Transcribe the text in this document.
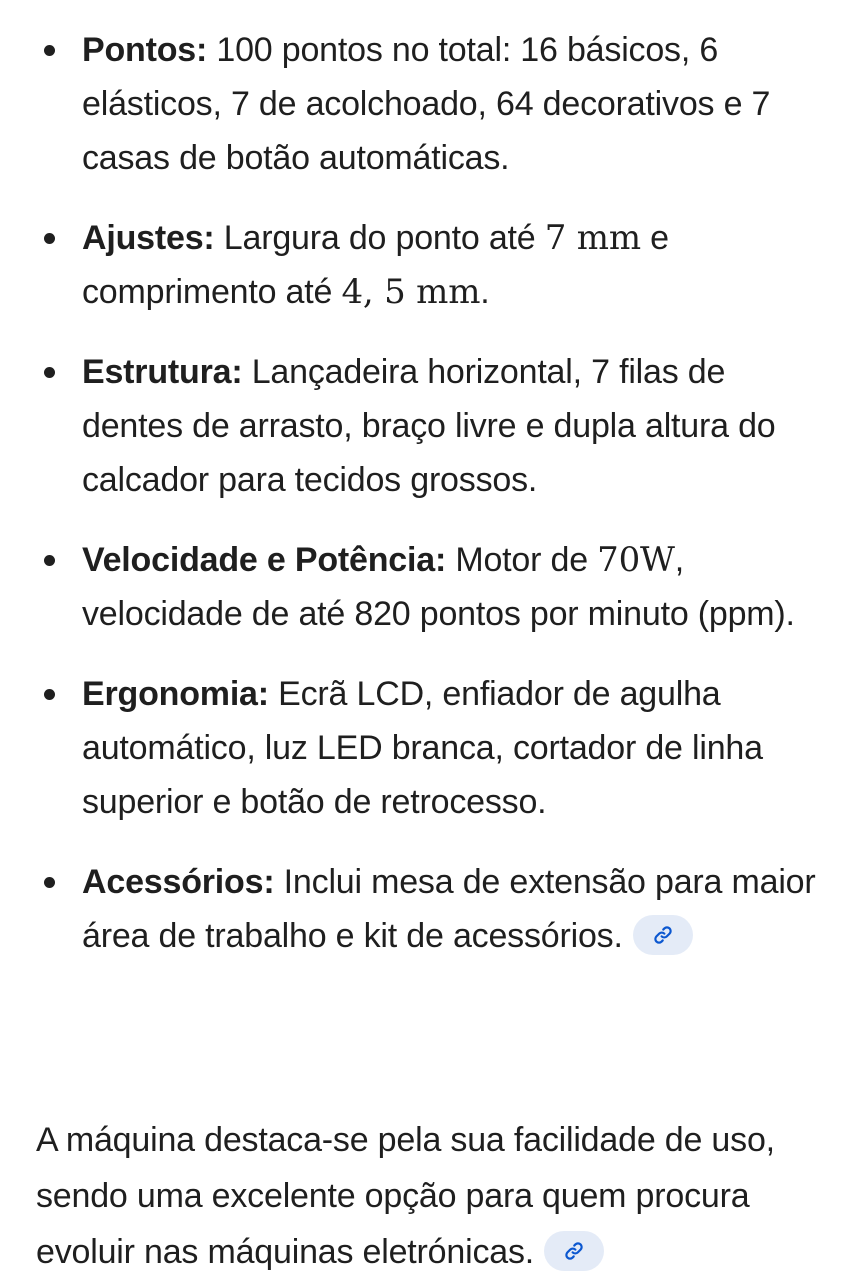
Pontos: 100 pontos no total: 16 básicos, 6 elásticos, 7 de acolchoado, 64 decorativos e 7 casas de botão automáticas.
Ajustes: Largura do ponto até 7 mm e comprimento até 4, 5 mm.
Estrutura: Lançadeira horizontal, 7 filas de dentes de arrasto, braço livre e dupla altura do calcador para tecidos grossos.
Velocidade e Potência: Motor de 70W, velocidade de até 820 pontos por minuto (ppm).
Ergonomia: Ecrã LCD, enfiador de agulha automático, luz LED branca, cortador de linha superior e botão de retrocesso.
Acessórios: Inclui mesa de extensão para maior área de trabalho e kit de acessórios.

A máquina destaca-se pela sua facilidade de uso, sendo uma excelente opção para quem procura evoluir nas máquinas eletrónicas.
